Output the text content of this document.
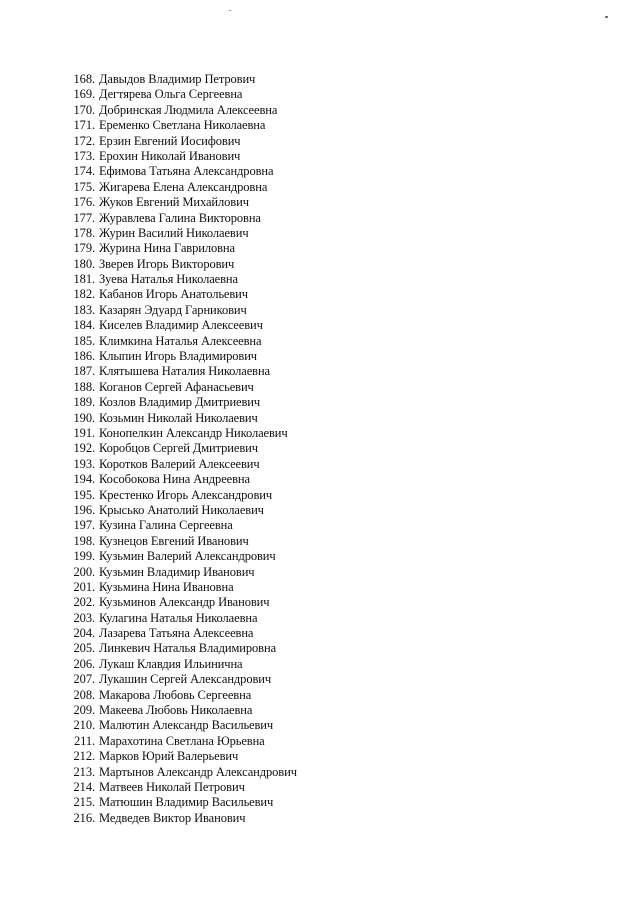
168. Давыдов Владимир Петрович
169. Дегтярева Ольга Сергеевна
170. Добринская Людмила Алексеевна
171. Еременко Светлана Николаевна
172. Ерзин Евгений Иосифович
173. Ерохин Николай Иванович
174. Ефимова Татьяна Александровна
175. Жигарева Елена Александровна
176. Жуков Евгений Михайлович
177. Журавлева Галина Викторовна
178. Журин Василий Николаевич
179. Журина Нина Гавриловна
180. Зверев Игорь Викторович
181. Зуева Наталья Николаевна
182. Кабанов Игорь Анатольевич
183. Казарян Эдуард Гарникович
184. Киселев Владимир Алексеевич
185. Климкина Наталья Алексеевна
186. Клыпин Игорь Владимирович
187. Клятышева Наталия Николаевна
188. Коганов Сергей Афанасьевич
189. Козлов Владимир Дмитриевич
190. Козьмин Николай Николаевич
191. Конопелкин Александр Николаевич
192. Коробцов Сергей Дмитриевич
193. Коротков Валерий Алексеевич
194. Кособокова Нина Андреевна
195. Крестенко Игорь Александрович
196. Крысько Анатолий Николаевич
197. Кузина Галина Сергеевна
198. Кузнецов Евгений Иванович
199. Кузьмин Валерий Александрович
200. Кузьмин Владимир Иванович
201. Кузьмина Нина Ивановна
202. Кузьминов Александр Иванович
203. Кулагина Наталья Николаевна
204. Лазарева Татьяна Алексеевна
205. Линкевич Наталья Владимировна
206. Лукаш Клавдия Ильинична
207. Лукашин Сергей Александрович
208. Макарова Любовь Сергеевна
209. Макеева Любовь Николаевна
210. Малютин Александр Васильевич
211. Марахотина Светлана Юрьевна
212. Марков Юрий Валерьевич
213. Мартынов Александр Александрович
214. Матвеев Николай Петрович
215. Матюшин Владимир Васильевич
216. Медведев Виктор Иванович
